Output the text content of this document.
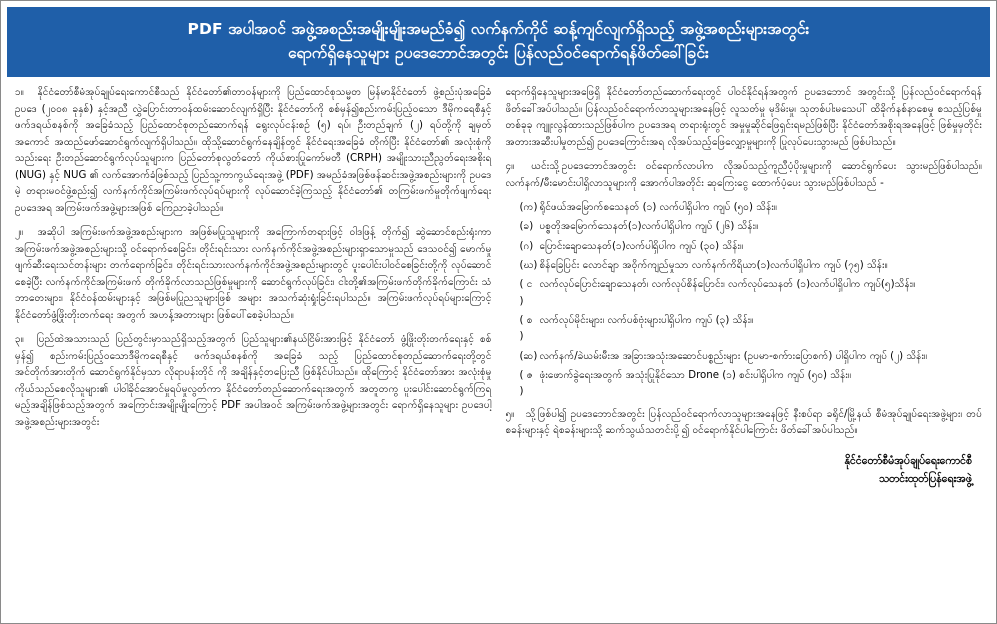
PDF အပါအဝင် အဖွဲ့အစည်းအမျိုးမျိုးအမည်ခံ၍ လက်နက်ကိုင် ဆန့်ကျင်လျက်ရှိသည့် အဖွဲ့အစည်းများအတွင်း
ရောက်ရှိနေသူများ ဥပဒေဘောင်အတွင်း ပြန်လည်ဝင်ရောက်ရန်ဖိတ်ခေါ်ခြင်း

၁။ နိုင်ငံတော်စီမံအုပ်ချုပ်ရေးကောင်စီသည် နိုင်ငံတော်၏တာဝန်များကို ပြည်ထောင်စုသမ္မတ မြန်မာနိုင်ငံတော် ဖွဲ့စည်းပုံအခြေခံဥပဒေ (၂၀၀၈ ခုနှစ်) နှင့်အညီ လွှဲပြောင်းတာဝန်ထမ်းဆောင်လျက်ရှိပြီး နိုင်ငံတော်ကို စစ်မှန်၍စည်းကမ်းပြည့်ဝသော ဒီမိုကရေစီနှင့်ဖက်ဒရယ်စနစ်ကို အခြေခံသည့် ပြည်ထောင်စုတည်ဆောက်ရန် ရွေးလုပ်ငန်းစဉ် (၅) ရပ်၊ ဦးတည်ချက် (၂) ရပ်တို့ကို ချမှတ်အကောင် အထည်ဖော်ဆောင်ရွက်လျက်ရှိပါသည်။ ထိုသို့ဆောင်ရွက်နေချိန်တွင် နိုင်ငံရေးအခြေခံ တိုက်ပြီး နိုင်ငံတော်၏ အလုံးစုံကိုသည်းရေး ဦးတည်ဆောင်ရွက်လုပ်သူများက ပြည်တော်စုလွတ်တော် ကိုယ်စားပြုကော်မတီ (CRPH) အမျိုးသားညီညွတ်ရေးအစိုးရ (NUG) နှင့် NUG ၏ လက်အောက်ခံဖြစ်သည့် ပြည်သူ့ကာကွယ်ရေးအဖွဲ့ (PDF) အမည်ခံအဖြစ်ဖန်ဆင်းအဖွဲ့အစည်းများကို ဥပဒေမဲ့ တရားမဝင်ဖွဲ့စည်း၍ လက်နက်ကိုင်အကြမ်းဖက်လုပ်ရပ်များကို လုပ်ဆောင်ခဲ့ကြသည့် နိုင်ငံတော်၏ တကြမ်းဖက်မှုတိုက်ဖျက်ရေး ဥပဒေအရ အကြမ်းဖက်အဖွဲ့များအဖြစ် ကြေညာခဲ့ပါသည်။

၂။ အဆိုပါ အကြမ်းဖက်အဖွဲ့အစည်းများက အဖြစ်မပြုသူများကို အကြောက်တရားဖြင့် ဝါဒဖြန့် တိုက်၍ ဆွဲဆောင်စည်းရုံးကာ အကြမ်းဖက်အဖွဲ့အစည်းများသို့ ဝင်ရောက်စေခြင်း၊ တိုင်းရင်းသား လက်နက်ကိုင်အဖွဲ့အစည်းများရှာသောမှုသည် ဒေသဝင်၍ မောက်မှုဖျက်ဆီးရေးသင်တန်းများ တက်ရောက်ခြင်း၊ တိုင်းရင်းသားလက်နက်ကိုင်အဖွဲ့အစည်းများတွင် ပူးပေါင်းပါဝင်စေခြင်းတို့ကို လုပ်ဆောင်စေခဲ့ပြီး လက်နက်ကိုင်အကြမ်းဖက် တိုက်ခိုက်လာသည်ဖြစ်မှုများကို ဆောင်ရွက်လုပ်ခြင်း၊ ငါးတို့၏အကြမ်းဖက်တိုက်ခိုက်ကြောင်း သံဘာတေးများ၊ နိုင်ငံဝန်ထမ်းများနှင့် အဖြစ်မပြုညသူများဖြစ် အများ အသက်ဆုံးရှုံးခြင်းရပါသည်။ အကြမ်းဖက်လုပ်ရပ်များကြောင့် နိုင်ငံတော်ဖွံ့ဖြိုးတိုးတက်ရေး အတွက် အဟန့်အတားများ ဖြစ်ပေါ်စေခဲ့ပါသည်။

၃။ ပြည်ထဲအသားသည် ပြည်တွင်းမှာသည်ရှိသည့်အတွက် ပြည်သူများ၏နယ်ငြိမ်းအားဖြင့် နိုင်ငံတော် ဖွံ့ဖြိုးတိုးတက်ရေးနှင့် စစ်မှန်၍ စည်းကမ်းပြည့်ဝသောဒီမိုကရေစီနှင့် ဖက်ဒရယ်စနစ်ကို အခြေခံ သည့် ပြည်ထောင်စုတည်ဆောက်ရေးတို့တွင် အင်တိုက်အားတိုက် ဆောင်ရွက်နိုင်မှသာ လိုရာပန်းတိုင် ကို အချိန်နှင့်တပြေးညီ ဖြစ်နိုင်ပါသည်။ ထိုကြောင့် နိုင်ငံတော်အား အလုံးစုံမှုကိုယ်သည်စေလိုသူများ၏ ပါဝါခိုင်အောင်မှုရပ်မှုလွတ်ကာ နိုင်ငံတော်တည်ဆောက်ရေးအတွက် အတူတကွ ပူးပေါင်းဆောင်ရွက်ကြရမည့်အချိန်ဖြစ်သည့်အတွက် အကြောင်းအမျိုးမျိုးကြောင့် PDF အပါအဝင် အကြမ်းဖက်အဖွဲ့များအတွင်း ရောက်ရှိနေသူများ ဥပဒေပါ့ အဖွဲ့အစည်းများအတွင်း

ရောက်ရှိနေသူများအဖြေရှိ နိုင်ငံတော်တည်ဆောက်ရေးတွင် ပါဝင်နိုင်ရန်အတွက် ဥပဒေဘောင် အတွင်းသို့ ပြန်လည်ဝင်ရောက်ရန် ဖိတ်ခေါ်အပ်ပါသည်။ ပြန်လည်ဝင်ရောက်လာသူများအနေဖြင့် လူသတ်မှု မုဒိမ်းမှု၊ သုတစ်ပါးမသေပါ် ထိခိုက်နစ်နာစေမှု စသည့်ပြစ်မှုတစ်ခုခု ကျူးလွန်ထားသည်ဖြစ်ပါက ဥပဒေအရ တရားရုံးတွင် အမှုမှုဆိုင်ဖြေရှင်းရမည်ဖြစ်ပြီး နိုင်ငံတော်အစိုးရအနေဖြင့် ဖြစ်မှုမှတိုင်း အတားအဆီးပါမှုတည်၍ ဥပဒေကြောင်းအရ လိုအပ်သည့်ဖြေလျှော့မှုများကို ပြုလုပ်ပေးသွားမည် ဖြစ်ပါသည်။

၄။ ယင်းသို့ဥပဒေဘောင်အတွင်း ဝင်ရောက်လာပါက လိုအပ်သည့်ကူညီပံ့ပိုးမှုများကို ဆောင်ရွက်ပေး သွားမည်ဖြစ်ပါသည်။ လက်နက်/မီးမောင်းပါရှိလာသူများကို အောက်ပါအတိုင်း ဆုကြေးငွေ ထောက်ပံ့ပေး သွားမည်ဖြစ်ပါသည် -

(က) ရိုင်ဖယ်အမြောက်စသေနတ် (၁) လက်ပါရှိပါက ကျပ် (၅၀) သိန်း။
(ခ) ပစ္စတိုအမြောက်သေနတ်(၁)လက်ပါရှိပါက ကျပ် (၂၆) သိန်း။
(ဂ) ပြောင်းချောသေနတ်(၁)လက်ပါရှိပါက ကျပ် (၃၀) သိန်း။
(ဃ) စိန်ခြေပြင်း လောင်ချာ အဝိုက်ကျည်မှုသာ လက်နက်ကိရိယာ(၁)လက်ပါရှိပါက ကျပ် (၇၅) သိန်း။
( င )
လက်လုပ်ပြောင်းချောသေနတ်၊ လက်လုပ်စိန်ပြောင်း၊ လက်လုပ်သေနတ် (၁)လက်ပါရှိပါက ကျပ်(၅)သိန်း။
( စ )
လက်လုပ်မိုင်းများ၊ လက်ပစ်ဗုံးများပါရှိပါက ကျပ် (၃) သိန်း။
(ဆ) လက်နက်/ခဲယမ်းမီးအ အခြားအသုံးအဆောင်ပစ္စည်းများ (ဥပမာ-စက်ားပြောစက်) ပါရှိပါက ကျပ် (၂) သိန်း။
( ဇ )
ဖုံးဖောက်ခွဲရေးအတွက် အသုံးပြုနိုင်သော Drone (၁) စင်းပါရှိပါက ကျပ် (၅၀) သိန်း။

၅။ သို့ဖြစ်ပါ၍ ဥပဒေဘောင်အတွင်း ပြန်လည်ဝင်ရောက်လာသူများအနေဖြင့် နီးစပ်ရာ ခရိုင်/မြို့နယ် စီမံအုပ်ချုပ်ရေးအဖွဲ့များ၊ တပ်စခန်းများနှင့် ရဲစခန်းများသို့ ဆက်သွယ်သတင်းပို့၍ ဝင်ရောက်နိုင်ပါကြောင်း ဖိတ်ခေါ်အပ်ပါသည်။

နိုင်ငံတော်စီမံအုပ်ချုပ်ရေးကောင်စီ
သတင်းထုတ်ပြန်ရေးအဖွဲ့
